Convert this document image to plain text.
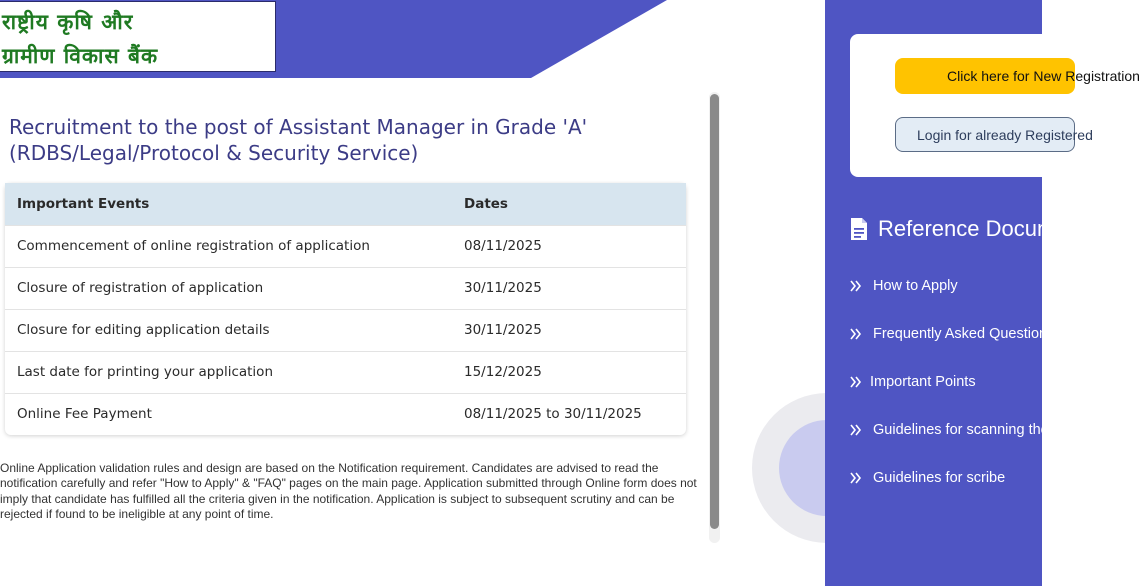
राष्ट्रीय कृषि और
ग्रामीण विकास बैंक
Recruitment to the post of Assistant Manager in Grade 'A'
(RDBS/Legal/Protocol & Security Service)
Important Events	Dates
Commencement of online registration of application	08/11/2025
Closure of registration of application	30/11/2025
Closure for editing application details	30/11/2025
Last date for printing your application	15/12/2025
Online Fee Payment	08/11/2025 to 30/11/2025
Online Application validation rules and design are based on the Notification requirement. Candidates are advised to read the notification carefully and refer "How to Apply" & "FAQ" pages on the main page. Application submitted through Online form does not imply that candidate has fulfilled all the criteria given in the notification. Application is subject to subsequent scrutiny and can be rejected if found to be ineligible at any point of time.
Click here for New Registration
Login for already Registered
Reference Documents
How to Apply
Frequently Asked Questions
Important Points
Guidelines for scanning the photograph
Guidelines for scribe
